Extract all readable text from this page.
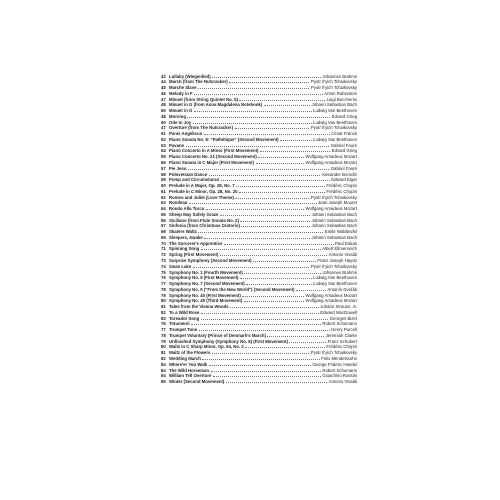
42 Lullaby (Wiegenlied)	Johannes Brahms
44 March (from The Nutcracker)	Pyotr Il'yich Tchaikovsky
45 Marche Slave	Pyotr Il'yich Tchaikovsky
46 Melody in F	Anton Rubinstein
47 Minuet (from String Quintet No. 5)	Luigi Boccherini
48 Minuet in G (from Anna Magdalena Notebook)	Johann Sebastian Bach
50 Minuet in G	Ludwig Van Beethoven
48 Morning	Edvard Grieg
50 Ode to Joy	Ludwig Van Beethoven
47 Overture (from The Nutcracker)	Pyotr Il'yich Tchaikovsky
51 Panis Angelicus	César Franck
52 Piano Sonata No. 8: "Pathétique" (Second Movement)	Ludwig Van Beethoven
53 Pavane	Gabriel Fauré
54 Piano Concerto in A Minor (First Movement)	Edvard Grieg
55 Piano Concerto No. 21 (Second Movement)	Wolfgang Amadeus Mozart
56 Piano Sonata in C Major (First Movement)	Wolfgang Amadeus Mozart
57 Pie Jesu	Gabriel Fauré
58 Polovetsian Dance	Alexander Borodin
59 Pomp and Circumstance	Edward Elgar
60 Prelude in A Major, Op. 28, No. 7	Frédéric Chopin
61 Prelude in C Minor, Op. 28, No. 20	Frédéric Chopin
62 Romeo and Juliet (Love Theme)	Pyotr Il'yich Tchaikovsky
63 Rondeau	Jean Joseph Mouret
64 Rondo Alla Turca	Wolfgang Amadeus Mozart
65 Sheep May Safely Graze	Johann Sebastian Bach
66 Siciliano (from Flute Sonata No. 2)	Johann Sebastian Bach
67 Sinfonia (from Christmas Oratorio)	Johann Sebastian Bach
68 Skaters Waltz	Emile Waldteufel
69 Sleepers, Awake	Johann Sebastian Bach
70 The Sorcerer's Apprentice	Paul Dukas
71 Spinning Song	Albert Ellmenreich
72 Spring (First Movement)	Antonio Vivaldi
73 Surprise Symphony (Second Movement)	Franz Joseph Haydn
74 Swan Lake	Pyotr Il'yich Tchaikovsky
75 Symphony No. 1 (Fourth Movement)	Johannes Brahms
76 Symphony No. 5 (First Movement)	Ludwig Van Beethoven
77 Symphony No. 7 (Second Movement)	Ludwig Van Beethoven
78 Symphony No. 9 ("From the New World") (Second Movement)	Antonín Dvořák
79 Symphony No. 40 (First Movement)	Wolfgang Amadeus Mozart
80 Symphony No. 40 (Third Movement)	Wolfgang Amadeus Mozart
81 Tales from the Vienna Woods	Johann Strauss, Jr.
82 To a Wild Rose	Edward MacDowell
83 Toreador Song	Georges Bizet
76 Träumerei	Robert Schumann
77 Trumpet Tune	Henry Purcell
78 Trumpet Voluntary (Prince of Denmark's March)	Jeremiah Clarke
79 Unfinished Symphony (Symphony No. 8) (First Movement)	Franz Schubert
80 Waltz in C Sharp Minor, Op. 64, No. 2	Frédéric Chopin
81 Waltz of the Flowers	Pyotr Il'yich Tchaikovsky
82 Wedding March	Felix Mendelssohn
84 Where'er You Walk	George Frideric Handel
84 The Wild Horseman	Robert Schumann
84 William Tell Overture	Gioachino Rossini
85 Winter (Second Movement)	Antonio Vivaldi
